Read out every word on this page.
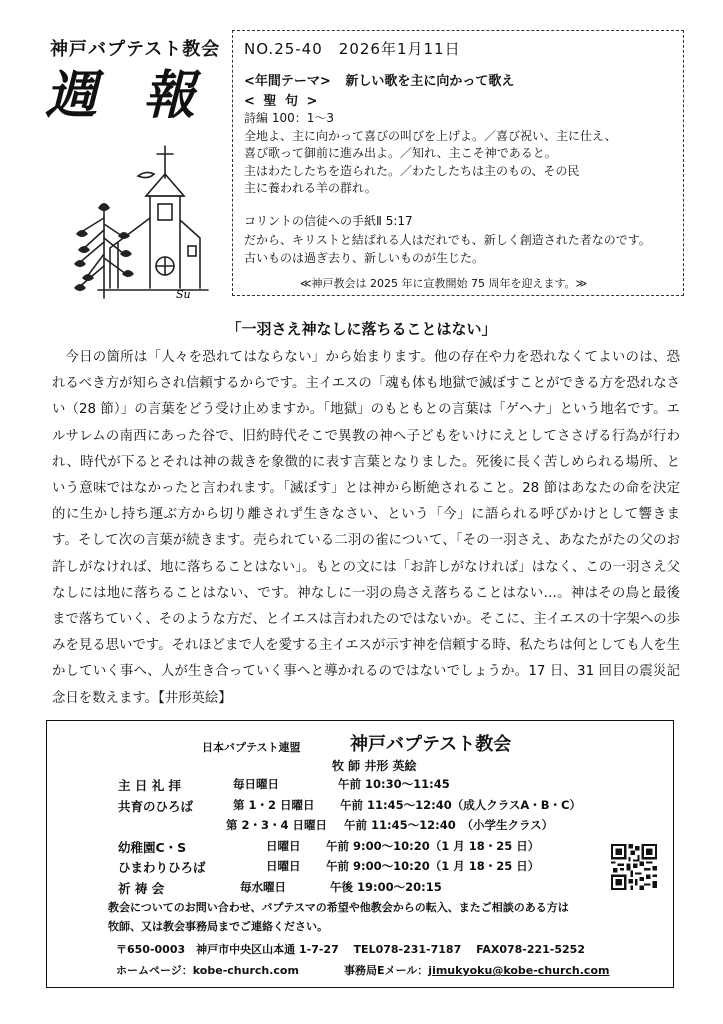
神戸バプテスト教会
週 報
Su
NO.25-40　2026年1月11日
<年間テーマ> 新しい歌を主に向かって歌え
< 聖 句 >
詩編 100：1～3
全地よ、主に向かって喜びの叫びを上げよ。／喜び祝い、主に仕え、
喜び歌って御前に進み出よ。／知れ、主こそ神であると。
主はわたしたちを造られた。／わたしたちは主のもの、その民
主に養われる羊の群れ。
コリントの信徒への手紙Ⅱ 5:17
だから、キリストと結ばれる人はだれでも、新しく創造された者なのです。
古いものは過ぎ去り、新しいものが生じた。
≪神戸教会は 2025 年に宣教開始 75 周年を迎えます。≫
「一羽さえ神なしに落ちることはない」

今日の箇所は「人々を恐れてはならない」から始まります。他の存在や力を恐れなくてよいのは、恐れるべき方が知らされ信頼するからです。主イエスの「魂も体も地獄で滅ぼすことができる方を恐れなさい（28 節）」の言葉をどう受け止めますか。「地獄」のもともとの言葉は「ゲヘナ」という地名です。エルサレムの南西にあった谷で、旧約時代そこで異教の神へ子どもをいけにえとしてささげる行為が行われ、時代が下るとそれは神の裁きを象徴的に表す言葉となりました。死後に長く苦しめられる場所、という意味ではなかったと言われます。「滅ぼす」とは神から断絶されること。28 節はあなたの命を決定的に生かし持ち運ぶ方から切り離されず生きなさい、という「今」に語られる呼びかけとして響きます。そして次の言葉が続きます。売られている二羽の雀について、「その一羽さえ、あなたがたの父のお許しがなければ、地に落ちることはない」。もとの文には「お許しがなければ」はなく、この一羽さえ父なしには地に落ちることはない、です。神なしに一羽の鳥さえ落ちることはない…。神はその鳥と最後まで落ちていく、そのような方だ、とイエスは言われたのではないか。そこに、主イエスの十字架への歩みを見る思いです。それほどまで人を愛する主イエスが示す神を信頼する時、私たちは何としても人を生かしていく事へ、人が生き合っていく事へと導かれるのではないでしょうか。17 日、31 回目の震災記念日を数えます。【井形英絵】

日本バプテスト連盟	神戸バプテスト教会
牧 師 井形 英絵
主 日 礼 拝	毎日曜日	午前 10:30～11:45
共育のひろば	第 1・2 日曜日 午前 11:45～12:40（成人クラスA・B・C）
第 2・3・4 日曜日 午前 11:45～12:40　（小学生クラス）
幼稚園C・S	日曜日 午前 9:00～10:20（1 月 18・25 日）
ひまわりひろば	日曜日 午前 9:00～10:20（1 月 18・25 日）
祈 祷 会	毎水曜日	午後 19:00～20:15
教会についてのお問い合わせ、バプテスマの希望や他教会からの転入、またご相談のある方は
牧師、又は教会事務局までご連絡ください。
〒650-0003　神戸市中央区山本通 1-7-27　 TEL078-231-7187　 FAX078-221-5252
ホームページ：kobe-church.com	事務局Eメール：jimukyoku@kobe-church.com
